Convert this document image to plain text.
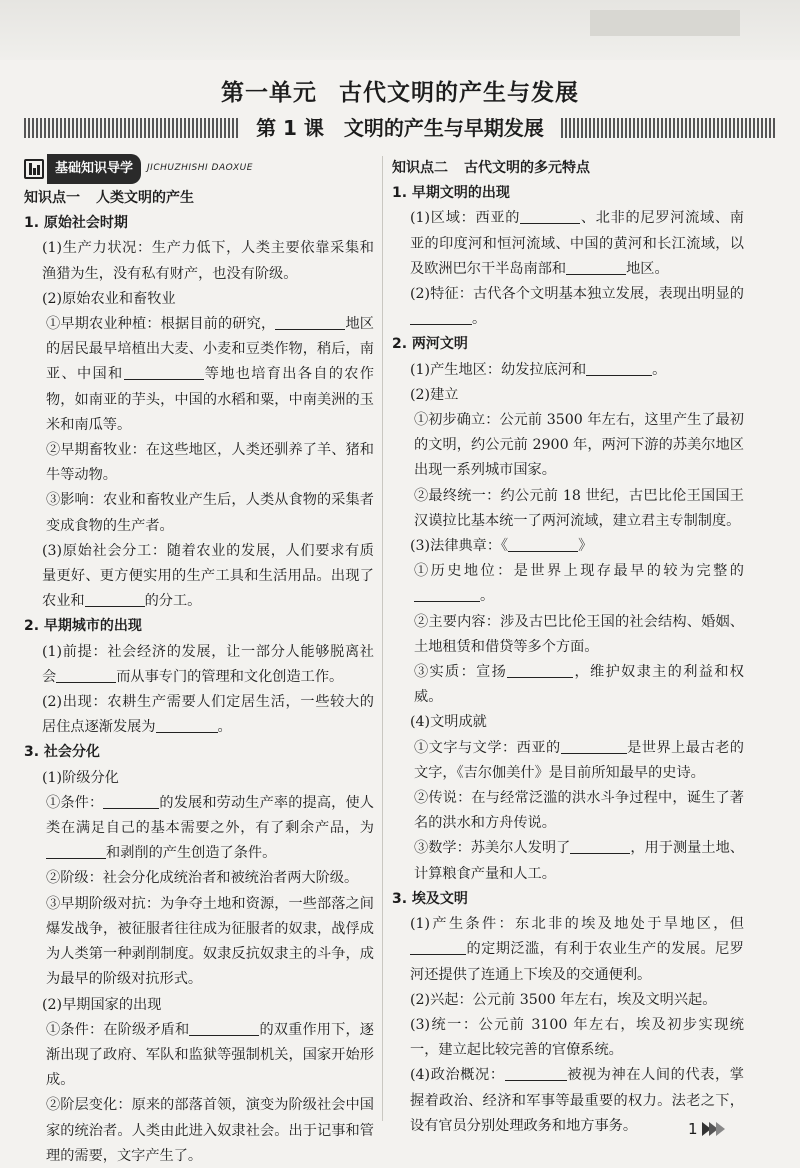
第一单元 古代文明的产生与发展
第 1 课　文明的产生与早期发展
基础知识导学	JICHUZHISHI DAOXUE
知识点一 人类文明的产生
1. 原始社会时期

(1)生产力状况：生产力低下，人类主要依靠采集和渔猎为生，没有私有财产，也没有阶级。

(2)原始农业和畜牧业

①早期农业种植：根据目前的研究，	地区的居民最早培植出大麦、小麦和豆类作物，稍后，南亚、中国和	等地也培育出各自的农作物，如南亚的芋头，中国的水稻和粟，中南美洲的玉米和南瓜等。

②早期畜牧业：在这些地区，人类还驯养了羊、猪和牛等动物。

③影响：农业和畜牧业产生后，人类从食物的采集者变成食物的生产者。

(3)原始社会分工：随着农业的发展，人们要求有质量更好、更方便实用的生产工具和生活用品。出现了农业和	的分工。

2. 早期城市的出现

(1)前提：社会经济的发展，让一部分人能够脱离社会	而从事专门的管理和文化创造工作。

(2)出现：农耕生产需要人们定居生活，一些较大的居住点逐渐发展为	。

3. 社会分化

(1)阶级分化

①条件：	的发展和劳动生产率的提高，使人类在满足自己的基本需要之外，有了剩余产品，为和剥削的产生创造了条件。

②阶级：社会分化成统治者和被统治者两大阶级。

③早期阶级对抗：为争夺土地和资源，一些部落之间爆发战争，被征服者往往成为征服者的奴隶，战俘成为人类第一种剥削制度。奴隶反抗奴隶主的斗争，成为最早的阶级对抗形式。

(2)早期国家的出现

①条件：在阶级矛盾和	的双重作用下，逐渐出现了政府、军队和监狱等强制机关，国家开始形成。

②阶层变化：原来的部落首领，演变为阶级社会中国家的统治者。人类由此进入奴隶社会。出于记事和管理的需要，文字产生了。

知识点二 古代文明的多元特点
1. 早期文明的出现

(1)区域：西亚的	、北非的尼罗河流域、南亚的印度河和恒河流域、中国的黄河和长江流域，以及欧洲巴尔干半岛南部和	地区。

(2)特征：古代各个文明基本独立发展，表现出明显的。

2. 两河文明

(1)产生地区：幼发拉底河和	。

(2)建立

①初步确立：公元前 3500 年左右，这里产生了最初的文明，约公元前 2900 年，两河下游的苏美尔地区出现一系列城市国家。

②最终统一：约公元前 18 世纪，古巴比伦王国国王汉谟拉比基本统一了两河流域，建立君主专制制度。

(3)法律典章：《	》

①历史地位：是世界上现存最早的较为完整的。

②主要内容：涉及古巴比伦王国的社会结构、婚姻、土地租赁和借贷等多个方面。

③实质：宣扬	，维护奴隶主的利益和权威。

(4)文明成就

①文字与文学：西亚的	是世界上最古老的文字，《吉尔伽美什》是目前所知最早的史诗。

②传说：在与经常泛滥的洪水斗争过程中，诞生了著名的洪水和方舟传说。

③数学：苏美尔人发明了	，用于测量土地、计算粮食产量和人工。

3. 埃及文明

(1)产生条件：东北非的埃及地处于旱地区，但的定期泛滥，有利于农业生产的发展。尼罗河还提供了连通上下埃及的交通便利。

(2)兴起：公元前 3500 年左右，埃及文明兴起。

(3)统一：公元前 3100 年左右，埃及初步实现统一，建立起比较完善的官僚系统。

(4)政治概况：	被视为神在人间的代表，掌握着政治、经济和军事等最重要的权力。法老之下，设有官员分别处理政务和地方事务。	1
